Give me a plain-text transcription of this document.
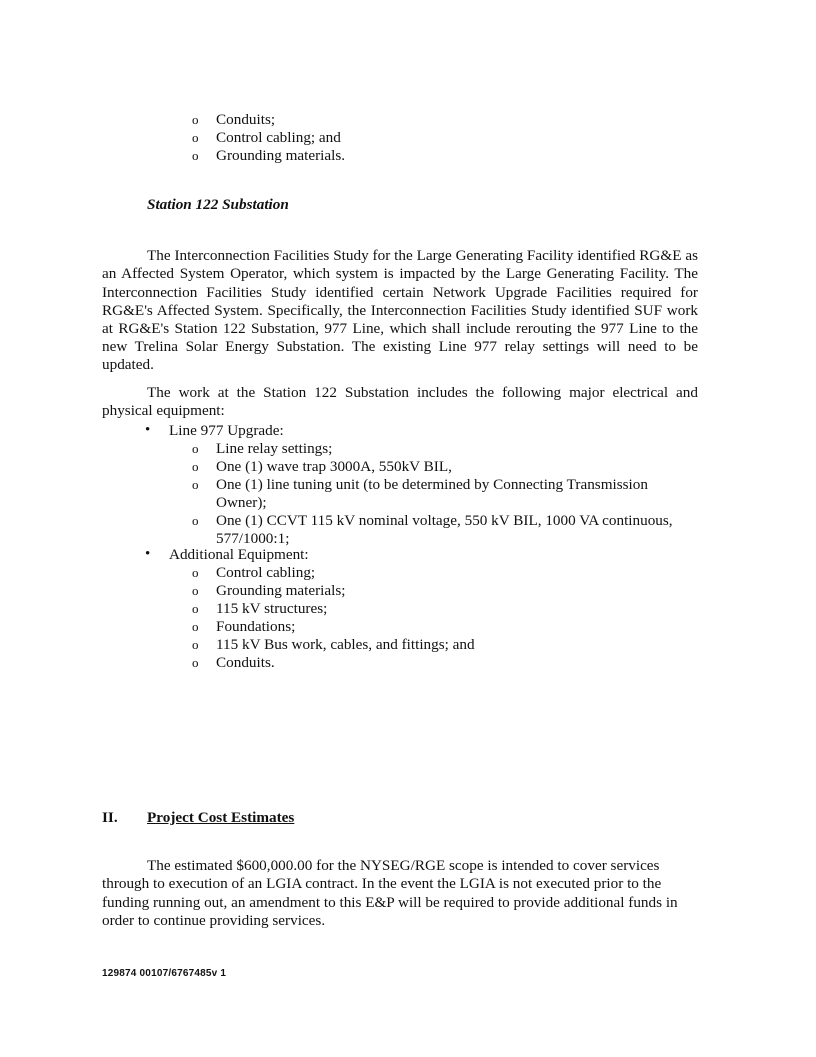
o Conduits;
o Control cabling; and
o Grounding materials.
Station 122 Substation

The Interconnection Facilities Study for the Large Generating Facility identified RG&E as an Affected System Operator, which system is impacted by the Large Generating Facility. The Interconnection Facilities Study identified certain Network Upgrade Facilities required for RG&E's Affected System. Specifically, the Interconnection Facilities Study identified SUF work at RG&E's Station 122 Substation, 977 Line, which shall include rerouting the 977 Line to the new Trelina Solar Energy Substation. The existing Line 977 relay settings will need to be updated.

The work at the Station 122 Substation includes the following major electrical and physical equipment:

• Line 977 Upgrade:
o Line relay settings;
o One (1) wave trap 3000A, 550kV BIL,
o One (1) line tuning unit (to be determined by Connecting Transmission Owner);
o One (1) CCVT 115 kV nominal voltage, 550 kV BIL, 1000 VA continuous, 577/1000:1;
• Additional Equipment:
o Control cabling;
o Grounding materials;
o 115 kV structures;
o Foundations;
o 115 kV Bus work, cables, and fittings; and
o Conduits.
II. Project Cost Estimates

The estimated $600,000.00 for the NYSEG/RGE scope is intended to cover services through to execution of an LGIA contract. In the event the LGIA is not executed prior to the funding running out, an amendment to this E&P will be required to provide additional funds in order to continue providing services.

129874 00107/6767485v 1
